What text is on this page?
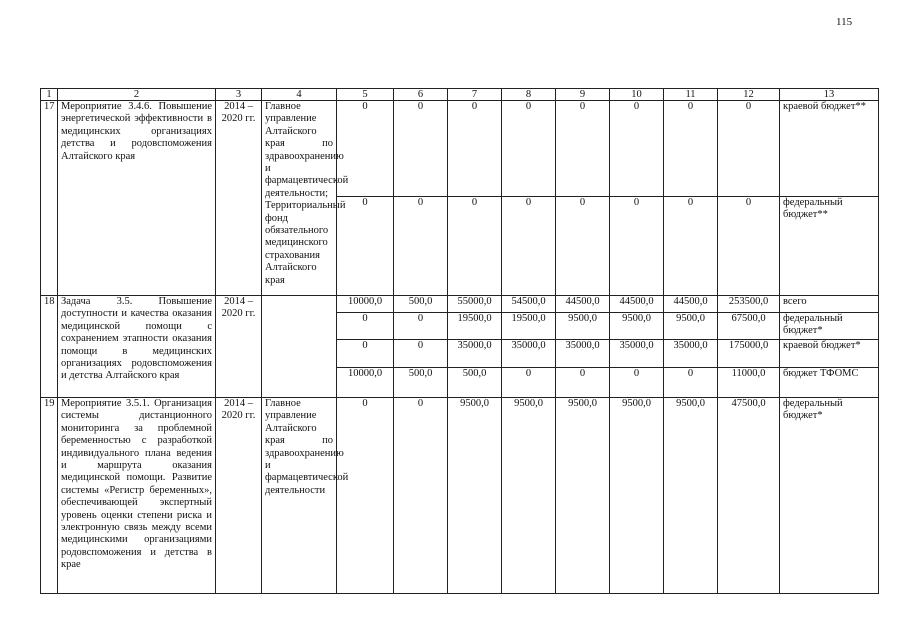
115
1	2	3	4	5	6	7	8	9	10	11	12	13
17	Мероприятие 3.4.6. Повышение энергетической эффективности в медицинских организациях детства и родовспоможения Алтайского края	2014 – 2020 гг.	Главное управление Алтайского края по здравоохранению и фармацевтической деятельности; Территориальный фонд обязательного медицинского страхования Алтайского края	0	0	0	0	0	0	0	0	краевой бюджет**
				0	0	0	0	0	0	0	0	федеральный бюджет**
18	Задача 3.5. Повышение доступности и качества оказания медицинской помощи с сохранением этапности оказания помощи в медицинских организациях родовспоможения и детства Алтайского края	2014 – 2020 гг.		10000,0	500,0	55000,0	54500,0	44500,0	44500,0	44500,0	253500,0	всего
				0	0	19500,0	19500,0	9500,0	9500,0	9500,0	67500,0	федеральный бюджет*
				0	0	35000,0	35000,0	35000,0	35000,0	35000,0	175000,0	краевой бюджет*
				10000,0	500,0	500,0	0	0	0	0	11000,0	бюджет ТФОМС
19	Мероприятие 3.5.1. Организация системы дистанционного мониторинга за проблемной беременностью с разработкой индивидуального плана ведения и маршрута оказания медицинской помощи. Развитие системы «Регистр беременных», обеспечивающей экспертный уровень оценки степени риска и электронную связь между всеми медицинскими организациями родовспоможения и детства в крае	2014 – 2020 гг.	Главное управление Алтайского края по здравоохранению и фармацевтической деятельности	0	0	9500,0	9500,0	9500,0	9500,0	9500,0	47500,0	федеральный бюджет*
